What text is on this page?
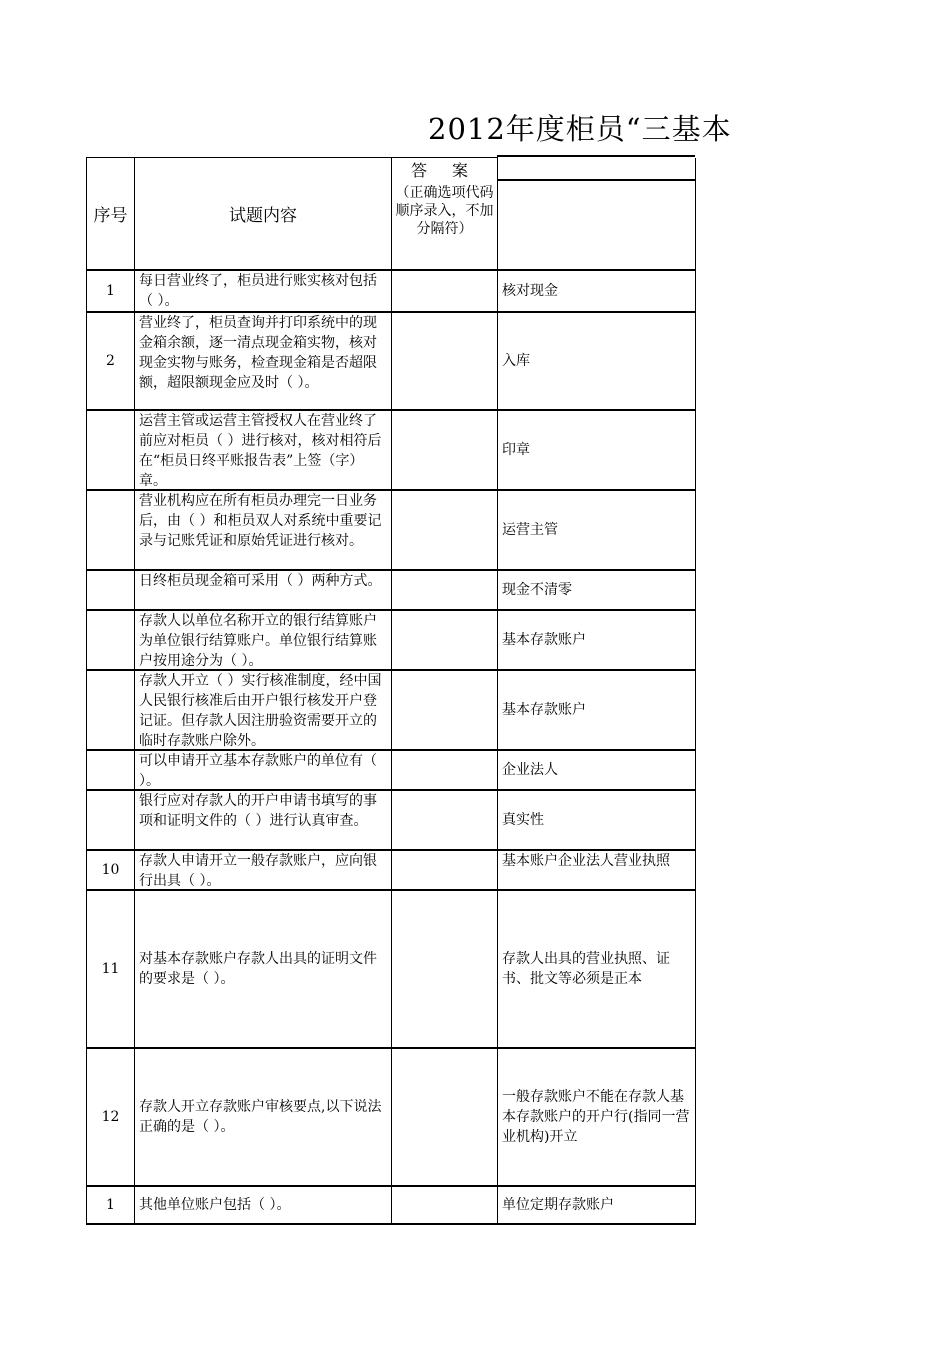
2012年度柜员“三基本
序号	试题内容	答 案
（正确选项代码顺序录入，不加分隔符）	
1	每日营业终了，柜员进行账实核对包括（ ）。		核对现金

2	营业终了，柜员查询并打印系统中的现金箱余额，逐一清点现金箱实物，核对现金实物与账务，检查现金箱是否超限额，超限额现金应及时（ ）。		入库

	运营主管或运营主管授权人在营业终了前应对柜员（ ）进行核对，核对相符后在“柜员日终平账报告表”上签（字）章。		印章

	营业机构应在所有柜员办理完一日业务后，由（ ）和柜员双人对系统中重要记录与记账凭证和原始凭证进行核对。		运营主管

	日终柜员现金箱可采用（ ）两种方式。		现金不清零

	存款人以单位名称开立的银行结算账户为单位银行结算账户。单位银行结算账户按用途分为（ ）。		基本存款账户

	存款人开立（ ）实行核准制度，经中国人民银行核准后由开户银行核发开户登记证。但存款人因注册验资需要开立的临时存款账户除外。		基本存款账户

	可以申请开立基本存款账户的单位有（ ）。		企业法人

	银行应对存款人的开户申请书填写的事项和证明文件的（ ）进行认真审查。		真实性

10	存款人申请开立一般存款账户，应向银行出具（ ）。		基本账户企业法人营业执照

11	对基本存款账户存款人出具的证明文件的要求是（ ）。		存款人出具的营业执照、证书、批文等必须是正本

12	存款人开立存款账户审核要点,以下说法正确的是（ ）。		一般存款账户不能在存款人基本存款账户的开户行(指同一营业机构)开立

1	其他单位账户包括（ ）。		单位定期存款账户
